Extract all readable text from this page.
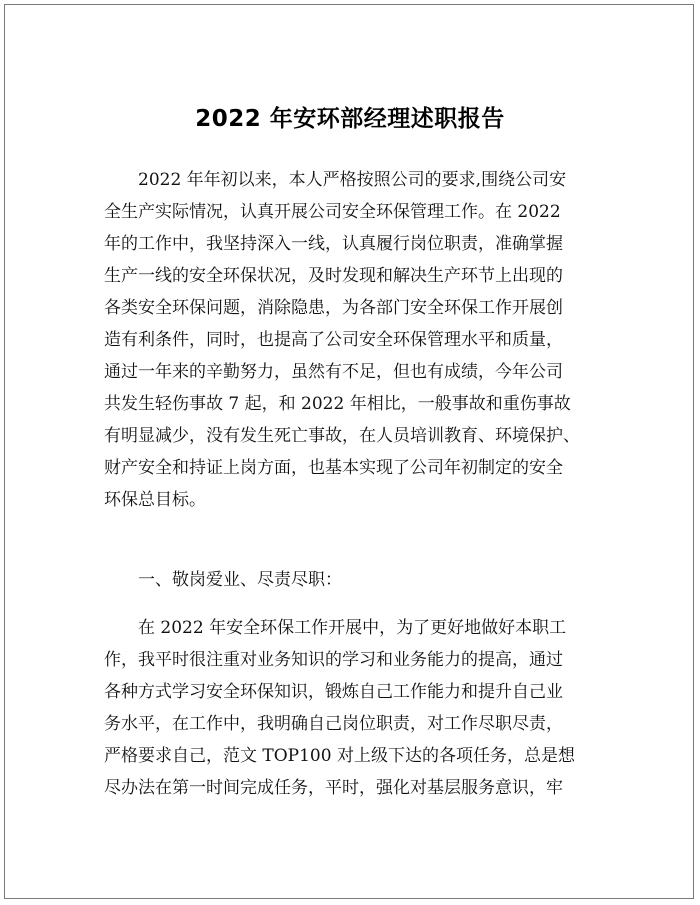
2022 年安环部经理述职报告
2022 年年初以来，本人严格按照公司的要求,围绕公司安
全生产实际情况，认真开展公司安全环保管理工作。在 2022
年的工作中，我坚持深入一线，认真履行岗位职责，准确掌握
生产一线的安全环保状况，及时发现和解决生产环节上出现的
各类安全环保问题，消除隐患，为各部门安全环保工作开展创
造有利条件，同时，也提高了公司安全环保管理水平和质量，
通过一年来的辛勤努力，虽然有不足，但也有成绩，今年公司
共发生轻伤事故 7 起，和 2022 年相比，一般事故和重伤事故
有明显减少，没有发生死亡事故，在人员培训教育、环境保护、
财产安全和持证上岗方面，也基本实现了公司年初制定的安全
环保总目标。
一、敬岗爱业、尽责尽职：
在 2022 年安全环保工作开展中，为了更好地做好本职工
作，我平时很注重对业务知识的学习和业务能力的提高，通过
各种方式学习安全环保知识，锻炼自己工作能力和提升自己业
务水平，在工作中，我明确自己岗位职责，对工作尽职尽责，
严格要求自己，范文 TOP100 对上级下达的各项任务，总是想
尽办法在第一时间完成任务，平时，强化对基层服务意识，牢
